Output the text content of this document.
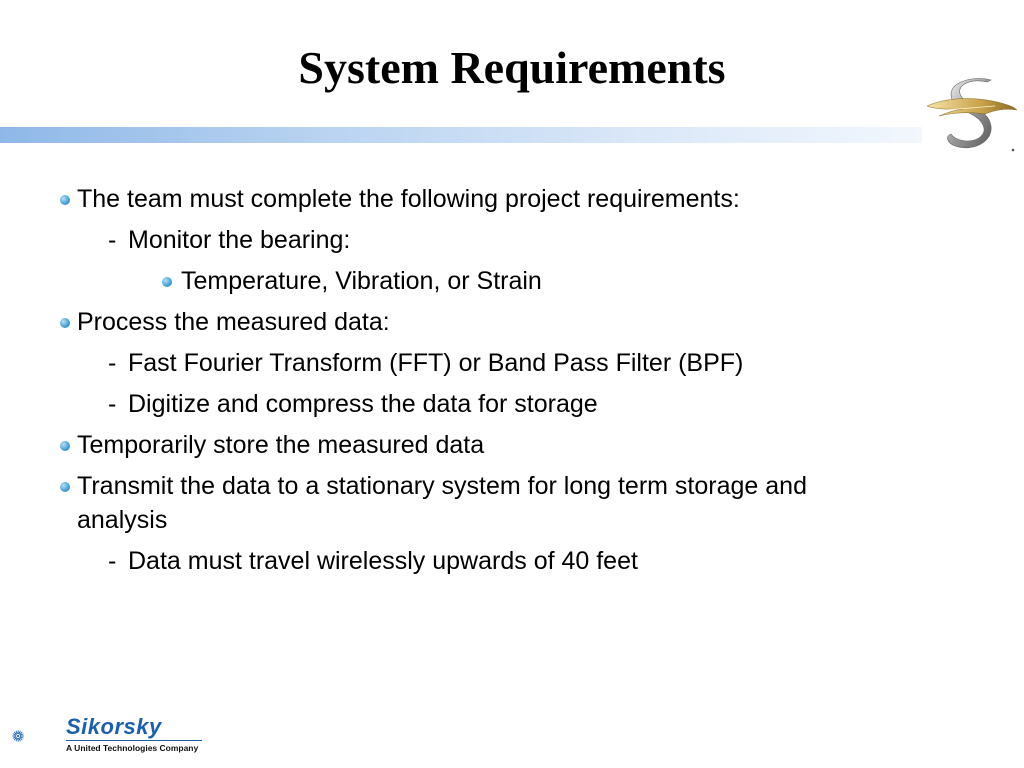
System Requirements
The team must complete the following project requirements:
- Monitor the bearing:
Temperature, Vibration, or Strain
Process the measured data:
- Fast Fourier Transform (FFT) or Band Pass Filter (BPF)
- Digitize and compress the data for storage
Temporarily store the measured data
Transmit the data to a stationary system for long term storage and
analysis
- Data must travel wirelessly upwards of 40 feet
Sikorsky
A United Technologies Company
